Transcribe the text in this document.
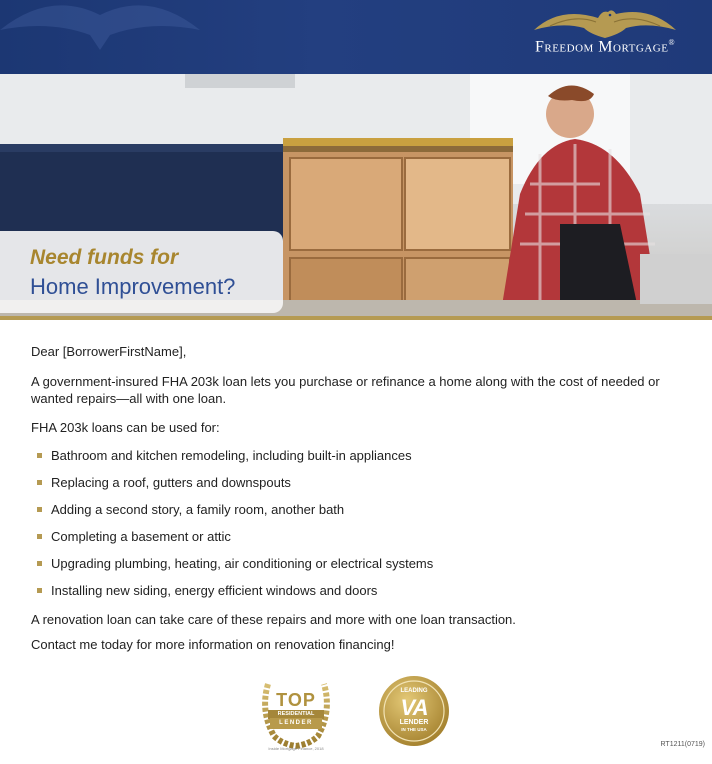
Freedom Mortgage®
Need funds for
Home Improvement?

Dear [BorrowerFirstName],

A government-insured FHA 203k loan lets you purchase or refinance a home along with the cost of needed or wanted repairs—all with one loan.

FHA 203k loans can be used for:

Bathroom and kitchen remodeling, including built-in appliances
Replacing a roof, gutters and downspouts
Adding a second story, a family room, another bath
Completing a basement or attic
Upgrading plumbing, heating, air conditioning or electrical systems
Installing new siding, energy efficient windows and doors

A renovation loan can take care of these repairs and more with one loan transaction.

Contact me today for more information on renovation financing!

TOP
RESIDENTIAL
LENDER
Inside Mortgage Finance, 2018
LEADING
VA
LENDER
IN THE USA
RT1211(0719)
